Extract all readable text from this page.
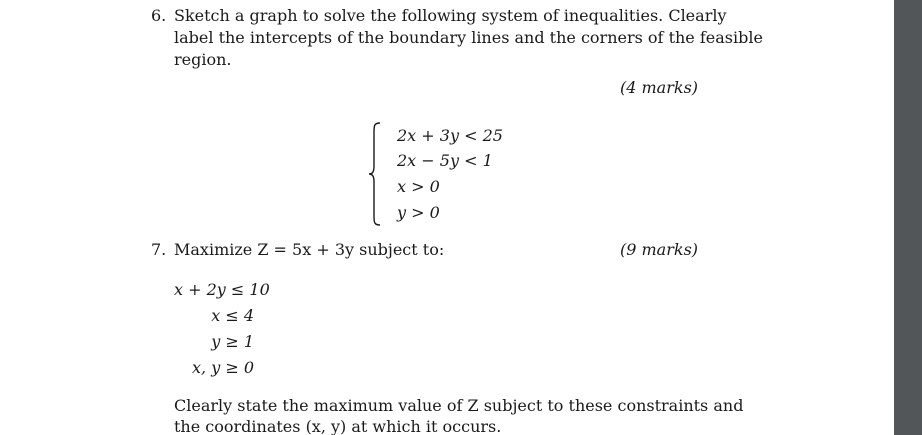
6. Sketch a graph to solve the following system of inequalities. Clearly
label the intercepts of the boundary lines and the corners of the feasible
region.
(4 marks)
2x + 3y < 25
2x − 5y < 1
x > 0
y > 0
7. Maximize Z = 5x + 3y subject to:	(9 marks)
x + 2y ≤ 10
x ≤ 4
y ≥ 1
x, y ≥ 0
Clearly state the maximum value of Z subject to these constraints and
the coordinates (x, y) at which it occurs.
